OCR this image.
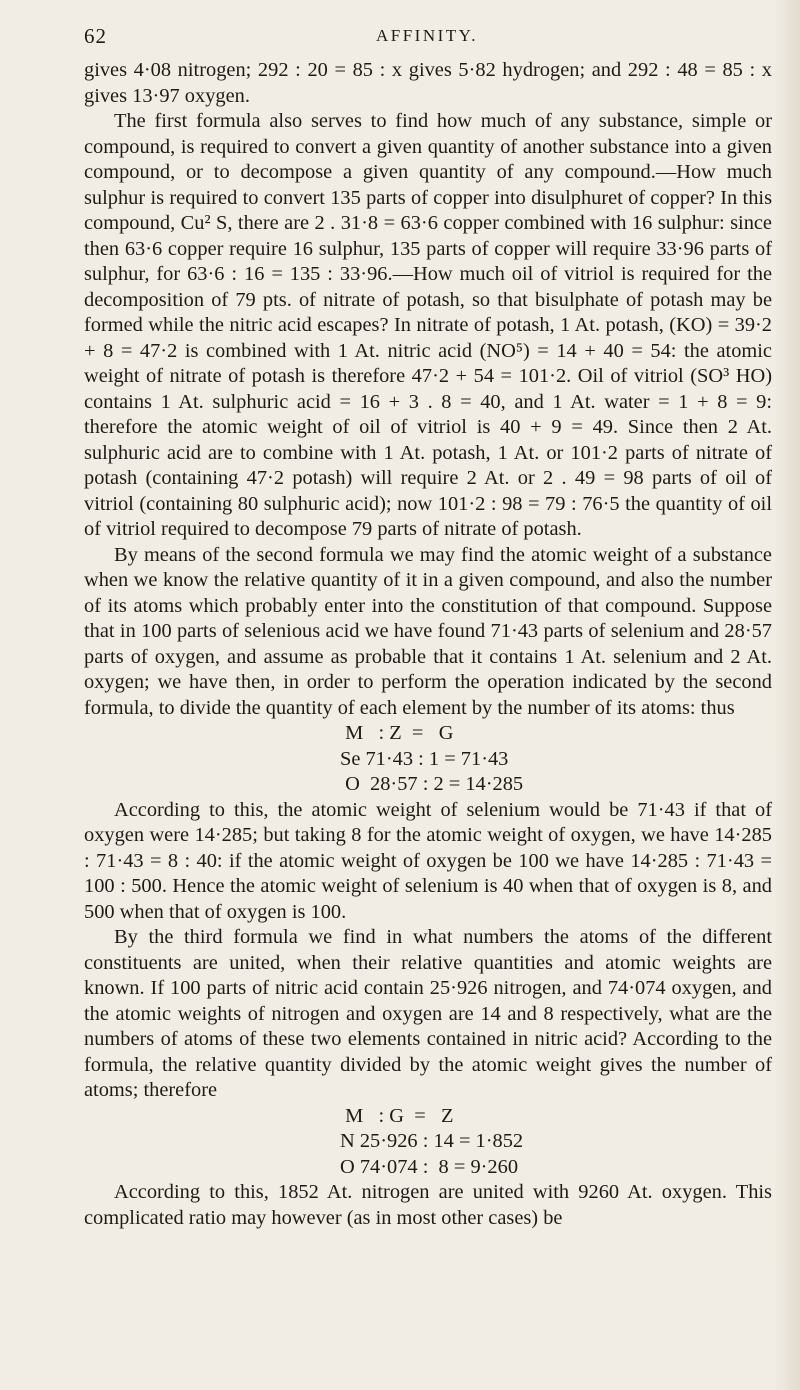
62	AFFINITY.

gives 4·08 nitrogen; 292 : 20 = 85 : x gives 5·82 hydrogen; and 292 : 48 = 85 : x gives 13·97 oxygen.

The first formula also serves to find how much of any substance, simple or compound, is required to convert a given quantity of another substance into a given compound, or to decompose a given quantity of any compound.—How much sulphur is required to convert 135 parts of copper into disulphuret of copper? In this compound, Cu² S, there are 2 . 31·8 = 63·6 copper combined with 16 sulphur: since then 63·6 copper require 16 sulphur, 135 parts of copper will require 33·96 parts of sulphur, for 63·6 : 16 = 135 : 33·96.—How much oil of vitriol is required for the decomposition of 79 pts. of nitrate of potash, so that bisulphate of potash may be formed while the nitric acid escapes? In nitrate of potash, 1 At. potash, (KO) = 39·2 + 8 = 47·2 is combined with 1 At. nitric acid (NO⁵) = 14 + 40 = 54: the atomic weight of nitrate of potash is therefore 47·2 + 54 = 101·2. Oil of vitriol (SO³ HO) contains 1 At. sulphuric acid = 16 + 3 . 8 = 40, and 1 At. water = 1 + 8 = 9: therefore the atomic weight of oil of vitriol is 40 + 9 = 49. Since then 2 At. sulphuric acid are to combine with 1 At. potash, 1 At. or 101·2 parts of nitrate of potash (containing 47·2 potash) will require 2 At. or 2 . 49 = 98 parts of oil of vitriol (containing 80 sulphuric acid); now 101·2 : 98 = 79 : 76·5 the quantity of oil of vitriol required to decompose 79 parts of nitrate of potash.

By means of the second formula we may find the atomic weight of a substance when we know the relative quantity of it in a given compound, and also the number of its atoms which probably enter into the constitution of that compound. Suppose that in 100 parts of selenious acid we have found 71·43 parts of selenium and 28·57 parts of oxygen, and assume as probable that it contains 1 At. selenium and 2 At. oxygen; we have then, in order to perform the operation indicated by the second formula, to divide the quantity of each element by the number of its atoms: thus

M   : Z  =   G
Se 71·43 : 1 = 71·43
O  28·57 : 2 = 14·285

According to this, the atomic weight of selenium would be 71·43 if that of oxygen were 14·285; but taking 8 for the atomic weight of oxygen, we have 14·285 : 71·43 = 8 : 40: if the atomic weight of oxygen be 100 we have 14·285 : 71·43 = 100 : 500. Hence the atomic weight of selenium is 40 when that of oxygen is 8, and 500 when that of oxygen is 100.

By the third formula we find in what numbers the atoms of the different constituents are united, when their relative quantities and atomic weights are known. If 100 parts of nitric acid contain 25·926 nitrogen, and 74·074 oxygen, and the atomic weights of nitrogen and oxygen are 14 and 8 respectively, what are the numbers of atoms of these two elements contained in nitric acid? According to the formula, the relative quantity divided by the atomic weight gives the number of atoms; therefore

M   : G  =   Z
N 25·926 : 14 = 1·852
O 74·074 :  8 = 9·260

According to this, 1852 At. nitrogen are united with 9260 At. oxygen. This complicated ratio may however (as in most other cases) be
